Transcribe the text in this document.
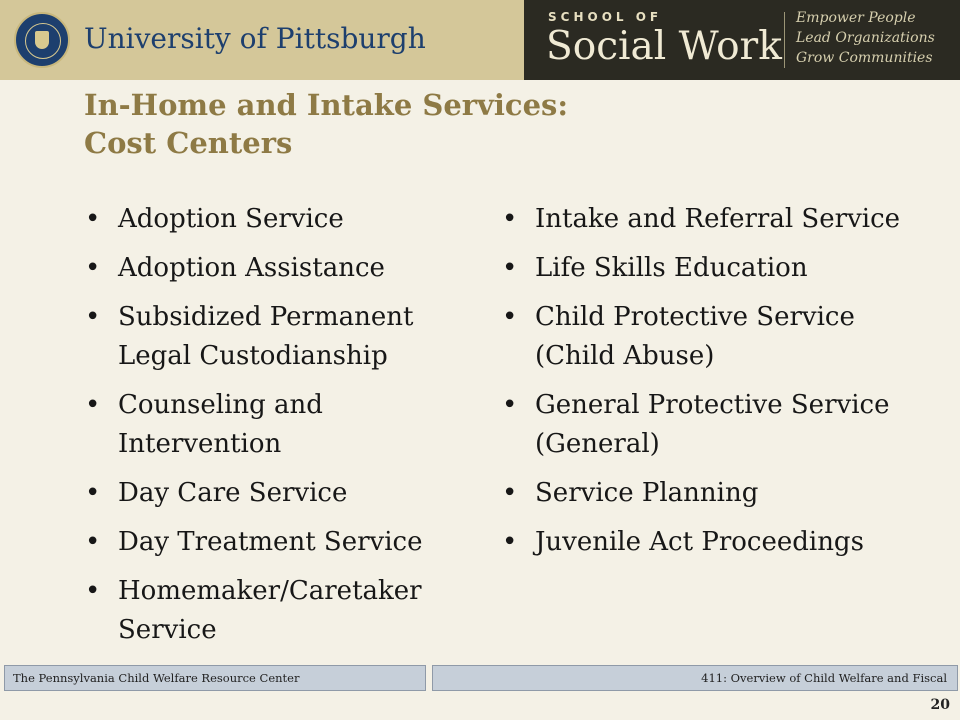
University of Pittsburgh
SCHOOL OF
Social Work
Empower People
Lead Organizations
Grow Communities
In-Home and Intake Services:
Cost Centers
• Adoption Service
• Adoption Assistance
• Subsidized Permanent Legal Custodianship
• Counseling and Intervention
• Day Care Service
• Day Treatment Service
• Homemaker/Caretaker Service
• Intake and Referral Service
• Life Skills Education
• Child Protective Service (Child Abuse)
• General Protective Service (General)
• Service Planning
• Juvenile Act Proceedings
The Pennsylvania Child Welfare Resource Center	411: Overview of Child Welfare and Fiscal
20
